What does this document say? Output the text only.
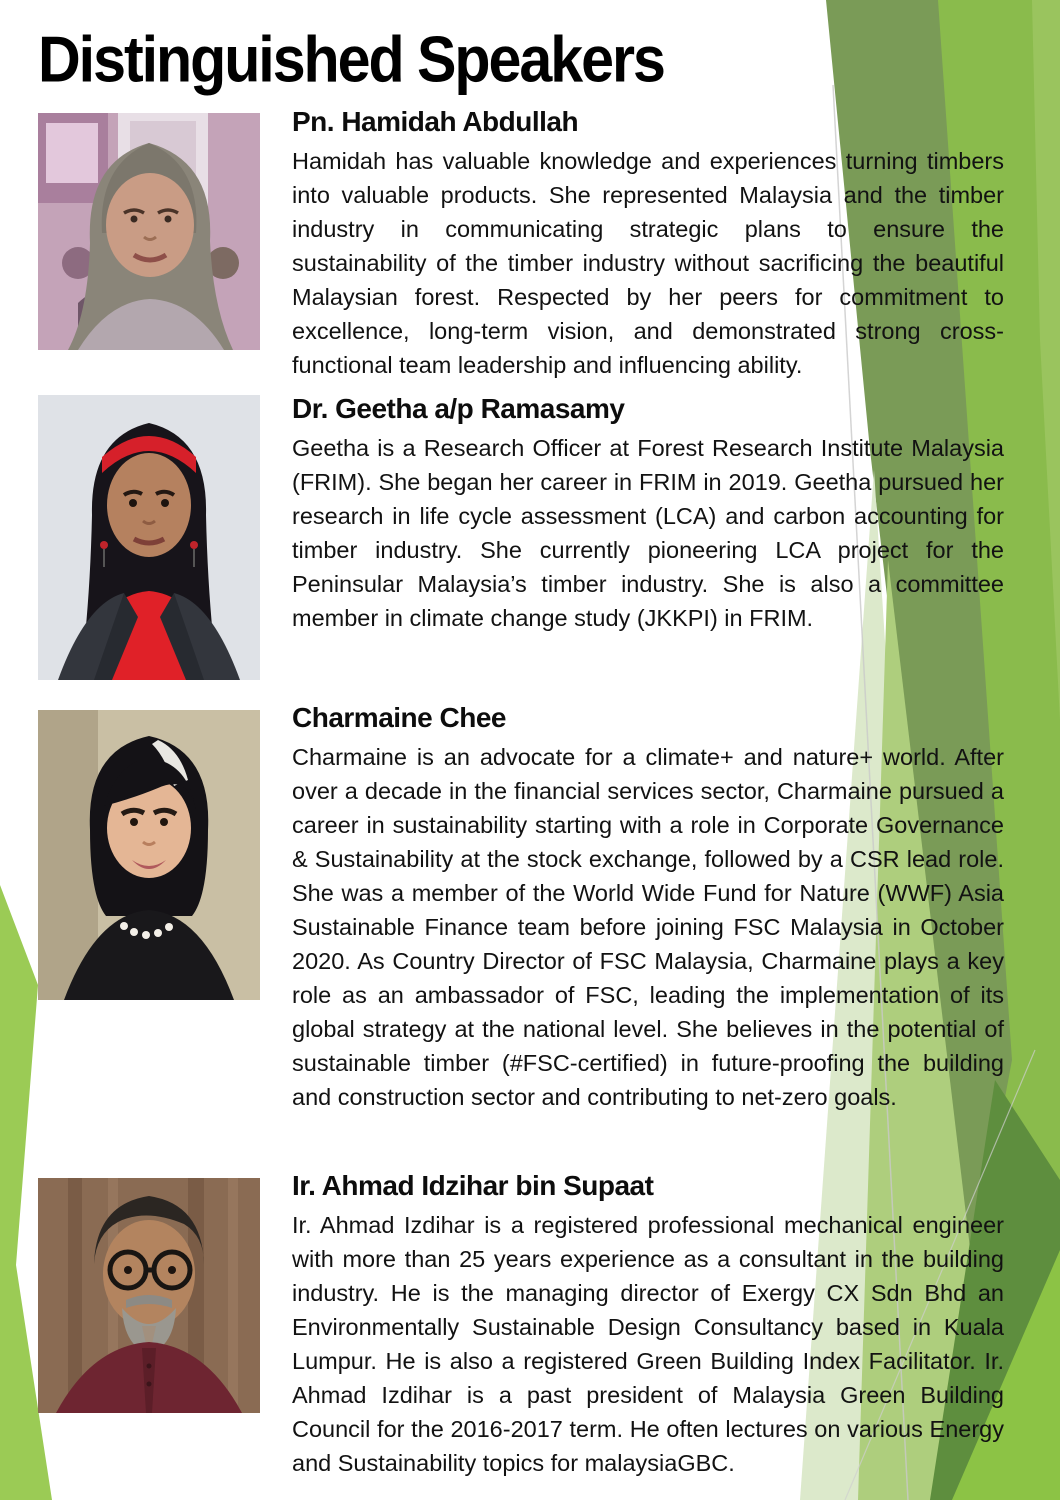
Distinguished Speakers
Pn. Hamidah Abdullah

Hamidah has valuable knowledge and experiences turning timbers into valuable products. She represented Malaysia and the timber industry in communicating strategic plans to ensure the sustainability of the timber industry without sacrificing the beautiful Malaysian forest. Respected by her peers for commitment to excellence, long-term vision, and demonstrated strong cross-functional team leadership and influencing ability.

Dr. Geetha a/p Ramasamy

Geetha is a Research Officer at Forest Research Institute Malaysia (FRIM). She began her career in FRIM in 2019. Geetha pursued her research in life cycle assessment (LCA) and carbon accounting for timber industry. She currently pioneering LCA project for the Peninsular Malaysia’s timber industry. She is also a committee member in climate change study (JKKPI) in FRIM.

Charmaine Chee

Charmaine is an advocate for a climate+ and nature+ world. After over a decade in the financial services sector, Charmaine pursued a career in sustainability starting with a role in Corporate Governance & Sustainability at the stock exchange, followed by a CSR lead role. She was a member of the World Wide Fund for Nature (WWF) Asia Sustainable Finance team before joining FSC Malaysia in October 2020. As Country Director of FSC Malaysia, Charmaine plays a key role as an ambassador of FSC, leading the implementation of its global strategy at the national level. She believes in the potential of sustainable timber (#FSC-certified) in future-proofing the building and construction sector and contributing to net-zero goals.

Ir. Ahmad Idzihar bin Supaat

Ir. Ahmad Izdihar is a registered professional mechanical engineer with more than 25 years experience as a consultant in the building industry. He is the managing director of Exergy CX Sdn Bhd an Environmentally Sustainable Design Consultancy based in Kuala Lumpur. He is also a registered Green Building Index Facilitator. Ir. Ahmad Izdihar is a past president of Malaysia Green Building Council for the 2016-2017 term. He often lectures on various Energy and Sustainability topics for malaysiaGBC.
